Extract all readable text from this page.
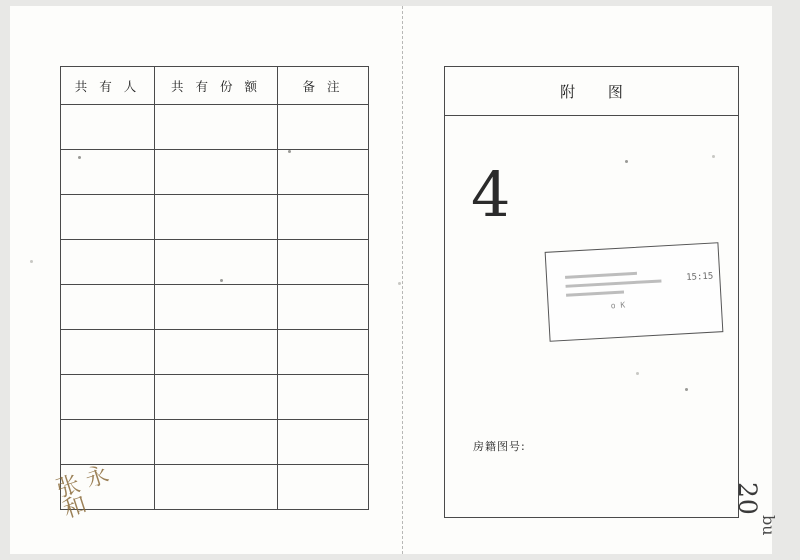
共 有 人	共 有 份 额	备 注

张 永 和
附 图
4
15:15
o K
房籍图号:
20
bu
